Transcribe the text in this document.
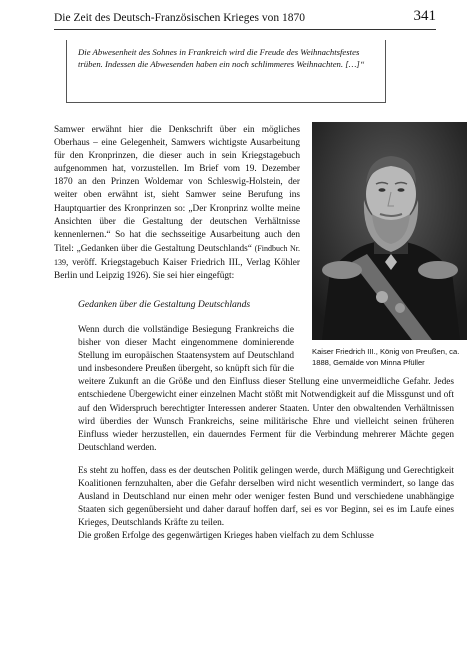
Die Zeit des Deutsch-Französischen Krieges von 1870	341
Die Abwesenheit des Sohnes in Frankreich wird die Freude des Weihnachtsfestes trüben. Indessen die Abwesenden haben ein noch schlimmeres Weihnachten. […]“

Samwer erwähnt hier die Denkschrift über ein mögliches Oberhaus – eine Gelegenheit, Samwers wichtigste Ausarbeitung für den Kronprinzen, die dieser auch in sein Kriegstagebuch aufgenommen hat, vorzustellen. Im Brief vom 19. Dezember 1870 an den Prinzen Woldemar von Schleswig-Holstein, der weiter oben erwähnt ist, sieht Samwer seine Berufung ins Hauptquartier des Kronprinzen so: „Der Kronprinz wollte meine Ansichten über die Gestaltung der deutschen Verhältnisse kennenlernen.“ So hat die sechsseitige Ausarbeitung auch den Titel: „Gedanken über die Gestaltung Deutschlands“ (Findbuch Nr. 139, veröff. Kriegstagebuch Kaiser Friedrich III., Verlag Köhler Berlin und Leipzig 1926). Sie sei hier eingefügt:

Kaiser Friedrich III., König von Preußen, ca. 1888, Gemälde von Minna Pfüller
Gedanken über die Gestaltung Deutschlands

Wenn durch die vollständige Besiegung Frankreichs die bisher von dieser Macht eingenommene dominierende Stellung im europäischen Staatensystem auf Deutschland und insbesondere Preußen übergeht, so knüpft sich für die weitere Zukunft an die Größe und den Einfluss dieser Stellung eine unvermeidliche Gefahr. Jedes entschiedene Übergewicht einer einzelnen Macht stößt mit Notwendigkeit auf die Missgunst und oft auf den Widerspruch berechtigter Interessen anderer Staaten. Unter den obwaltenden Verhältnissen wird überdies der Wunsch Frankreichs, seine militärische Ehre und vielleicht seinen früheren Einfluss wieder herzustellen, ein dauerndes Ferment für die Verbindung mehrerer Mächte gegen Deutschland werden.

Es steht zu hoffen, dass es der deutschen Politik gelingen werde, durch Mäßigung und Gerechtigkeit Koalitionen fernzuhalten, aber die Gefahr derselben wird nicht wesentlich vermindert, so lange das Ausland in Deutschland nur einen mehr oder weniger festen Bund und verschiedene unabhängige Staaten sich gegenübersieht und daher darauf hoffen darf, sei es vor Beginn, sei es im Laufe eines Krieges, Deutschlands Kräfte zu teilen.

Die großen Erfolge des gegenwärtigen Krieges haben vielfach zu dem Schlusse
